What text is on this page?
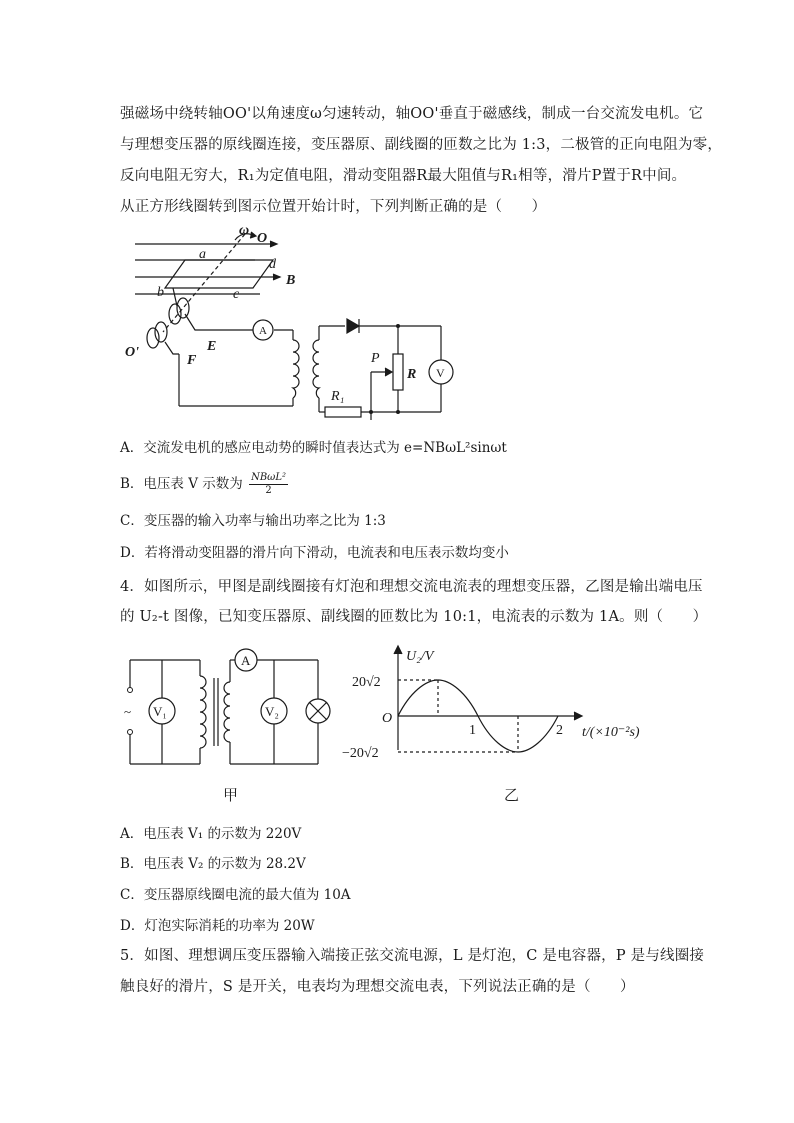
强磁场中绕转轴OO'以角速度ω匀速转动，轴OO'垂直于磁感线，制成一台交流发电机。它
与理想变压器的原线圈连接，变压器原、副线圈的匝数之比为 1:3，二极管的正向电阻为零，
反向电阻无穷大，R₁为定值电阻，滑动变阻器R最大阻值与R₁相等，滑片P置于R中间。
从正方形线圈转到图示位置开始计时，下列判断正确的是（　　）
ω
O
a
d
B
b	c
O'	E
F
A
P
R V
R₁
A．交流发电机的感应电动势的瞬时值表达式为 e=NBωL²sinωt
B．电压表 V 示数为 $\frac{\text{NBωL²}}{2}$
C．变压器的输入功率与输出功率之比为 1:3
D．若将滑动变阻器的滑片向下滑动，电流表和电压表示数均变小
4．如图所示，甲图是副线圈接有灯泡和理想交流电流表的理想变压器，乙图是输出端电压
的 U₂-t 图像，已知变压器原、副线圈的匝数比为 10:1，电流表的示数为 1A。则（　　）
~ V₁	V₂
A
甲
U₂/V
t/(×10⁻²s)
O
20√2
−20√2
1	2
乙
A．电压表 V₁ 的示数为 220V
B．电压表 V₂ 的示数为 28.2V
C．变压器原线圈电流的最大值为 10A
D．灯泡实际消耗的功率为 20W
5．如图、理想调压变压器输入端接正弦交流电源，L 是灯泡，C 是电容器，P 是与线圈接
触良好的滑片，S 是开关，电表均为理想交流电表，下列说法正确的是（　　）
